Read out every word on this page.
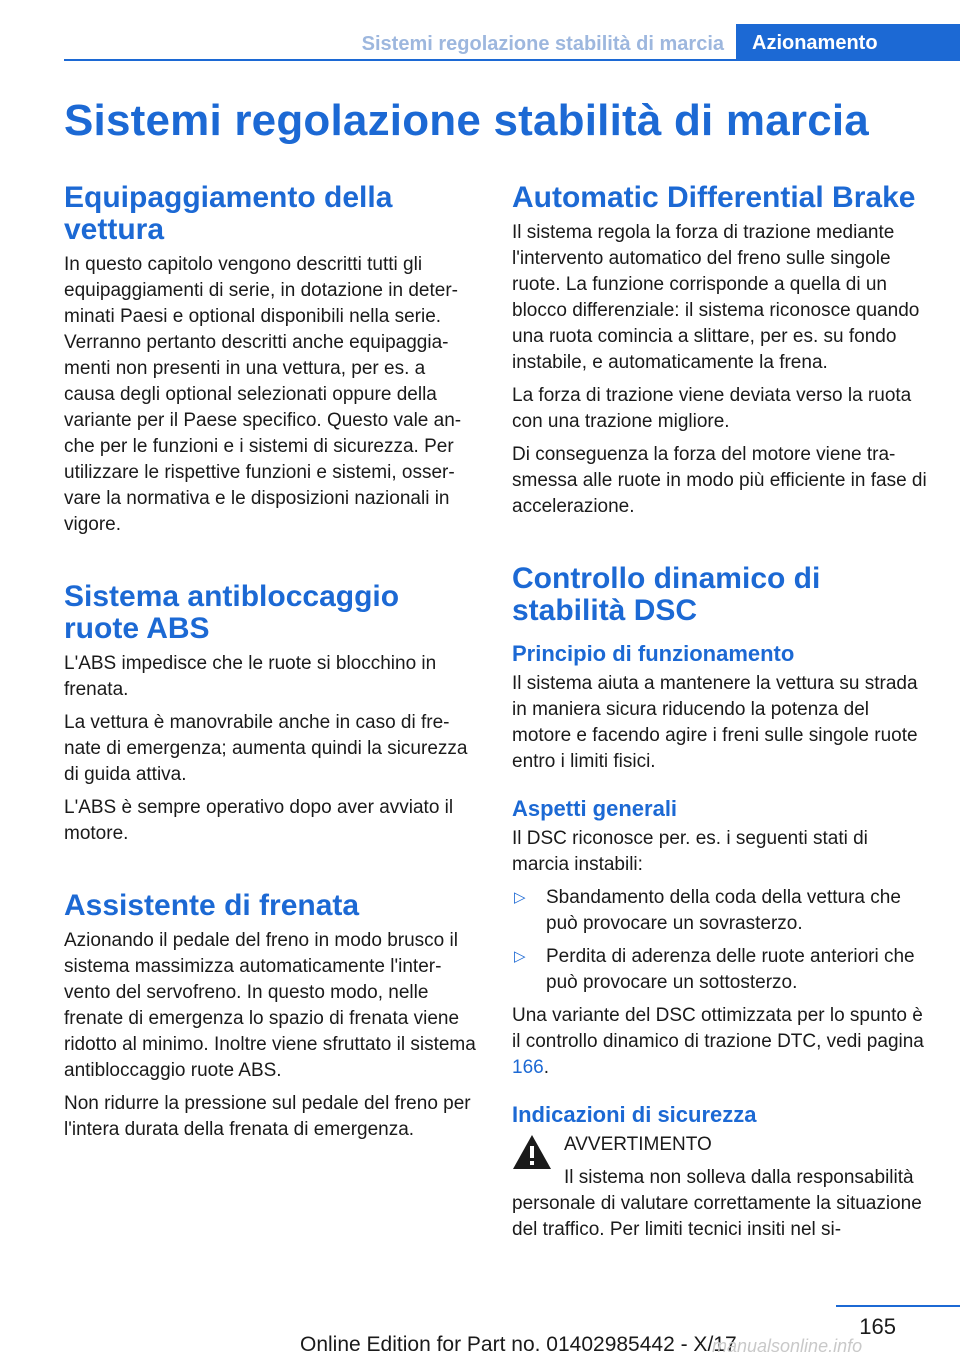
Sistemi regolazione stabilità di marcia	Azionamento
Sistemi regolazione stabilità di marcia
Equipaggiamento della vettura

In questo capitolo vengono descritti tutti gli equipaggiamenti di serie, in dotazione in determinati Paesi e optional disponibili nella serie. Verranno pertanto descritti anche equipaggiamenti non presenti in una vettura, per es. a causa degli optional selezionati oppure della variante per il Paese specifico. Questo vale anche per le funzioni e i sistemi di sicurezza. Per utilizzare le rispettive funzioni e sistemi, osservare la normativa e le disposizioni nazionali in vigore.

Sistema antibloccaggio ruote ABS

L'ABS impedisce che le ruote si blocchino in frenata.

La vettura è manovrabile anche in caso di frenate di emergenza; aumenta quindi la sicurezza di guida attiva.

L'ABS è sempre operativo dopo aver avviato il motore.

Assistente di frenata

Azionando il pedale del freno in modo brusco il sistema massimizza automaticamente l'intervento del servofreno. In questo modo, nelle frenate di emergenza lo spazio di frenata viene ridotto al minimo. Inoltre viene sfruttato il sistema antibloccaggio ruote ABS.

Non ridurre la pressione sul pedale del freno per l'intera durata della frenata di emergenza.

Automatic Differential Brake

Il sistema regola la forza di trazione mediante l'intervento automatico del freno sulle singole ruote. La funzione corrisponde a quella di un blocco differenziale: il sistema riconosce quando una ruota comincia a slittare, per es. su fondo instabile, e automaticamente la frena.

La forza di trazione viene deviata verso la ruota con una trazione migliore.

Di conseguenza la forza del motore viene trasmessa alle ruote in modo più efficiente in fase di accelerazione.

Controllo dinamico di stabilità DSC
Principio di funzionamento

Il sistema aiuta a mantenere la vettura su strada in maniera sicura riducendo la potenza del motore e facendo agire i freni sulle singole ruote entro i limiti fisici.

Aspetti generali

Il DSC riconosce per. es. i seguenti stati di marcia instabili:

▷ Sbandamento della coda della vettura che può provocare un sovrasterzo.
▷ Perdita di aderenza delle ruote anteriori che può provocare un sottosterzo.

Una variante del DSC ottimizzata per lo spunto è il controllo dinamico di trazione DTC, vedi pagina 166.

Indicazioni di sicurezza
AVVERTIMENTO

Il sistema non solleva dalla responsabilità
personale di valutare correttamente la situazione del traffico. Per limiti tecnici insiti nel si-

165
Online Edition for Part no. 01402985442 - X/17
manualsonline.info
